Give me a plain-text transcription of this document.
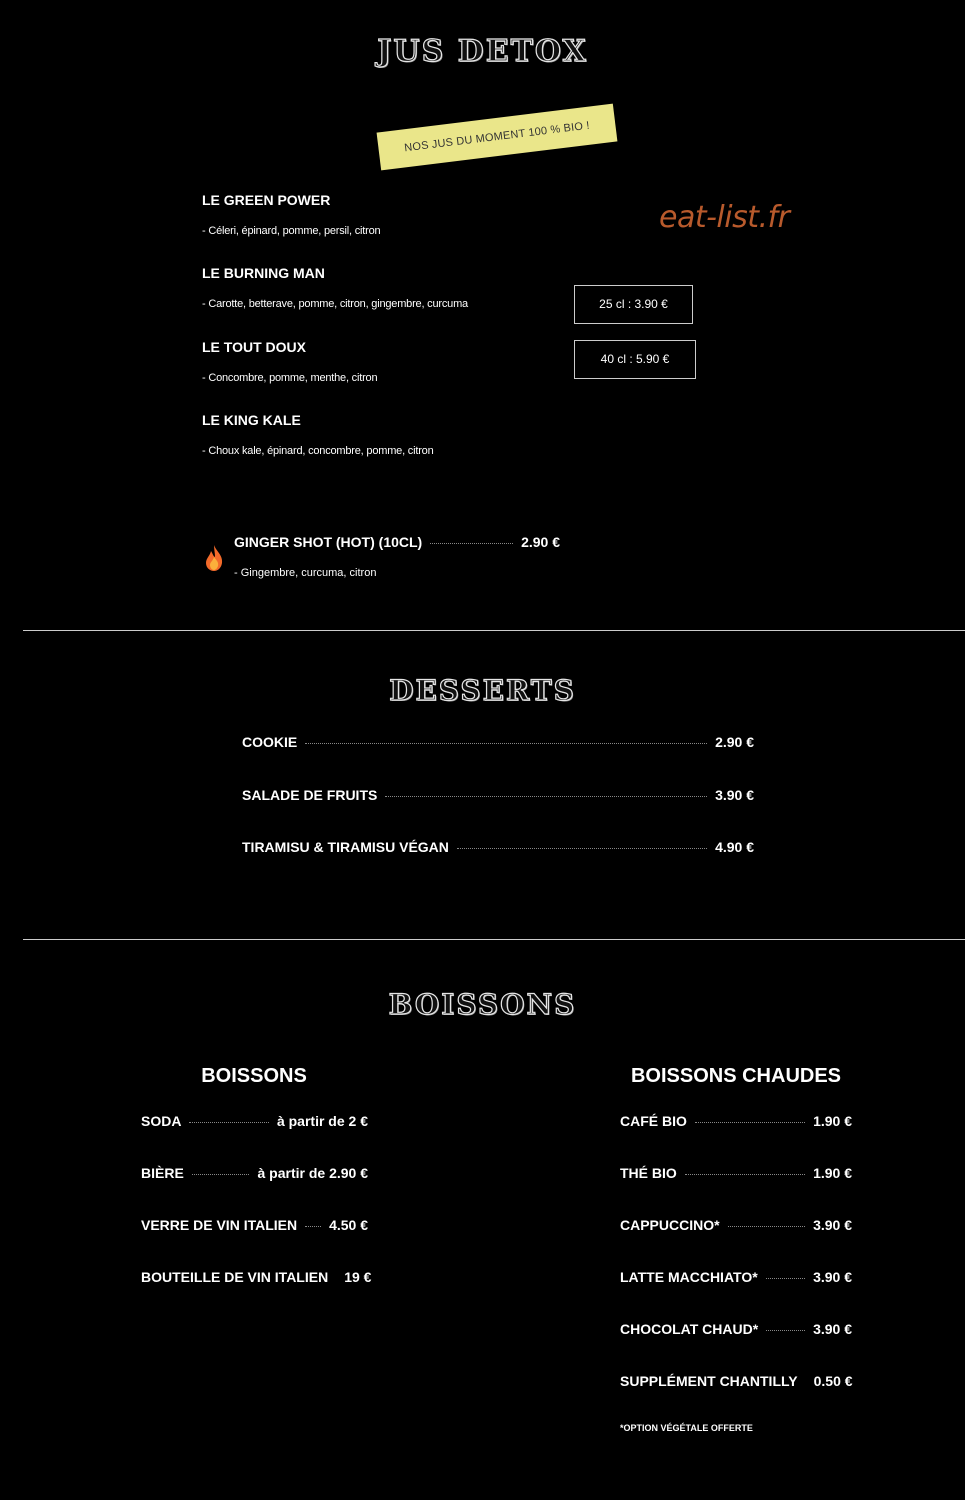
JUS DETOX
NOS JUS DU MOMENT 100 % BIO !
eat-list.fr

LE GREEN POWER

- Céleri, épinard, pomme, persil, citron

LE BURNING MAN

- Carotte, betterave, pomme, citron, gingembre, curcuma

LE TOUT DOUX

- Concombre, pomme, menthe, citron

LE KING KALE

- Choux kale, épinard, concombre, pomme, citron

25 cl : 3.90 €
40 cl : 5.90 €
GINGER SHOT (HOT) (10CL)	2.90 €

- Gingembre, curcuma, citron

DESSERTS
COOKIE	2.90 €
SALADE DE FRUITS	3.90 €
TIRAMISU & TIRAMISU VÉGAN	4.90 €
BOISSONS
BOISSONS	BOISSONS CHAUDES
SODA	à partir de 2 €
BIÈRE	à partir de 2.90 €
VERRE DE VIN ITALIEN 4.50 €
BOUTEILLE DE VIN ITALIEN 19 €
CAFÉ BIO	1.90 €
THÉ BIO	1.90 €
CAPPUCCINO*	3.90 €
LATTE MACCHIATO*	3.90 €
CHOCOLAT CHAUD*	3.90 €
SUPPLÉMENT CHANTILLY 0.50 €

*OPTION VÉGÉTALE OFFERTE
